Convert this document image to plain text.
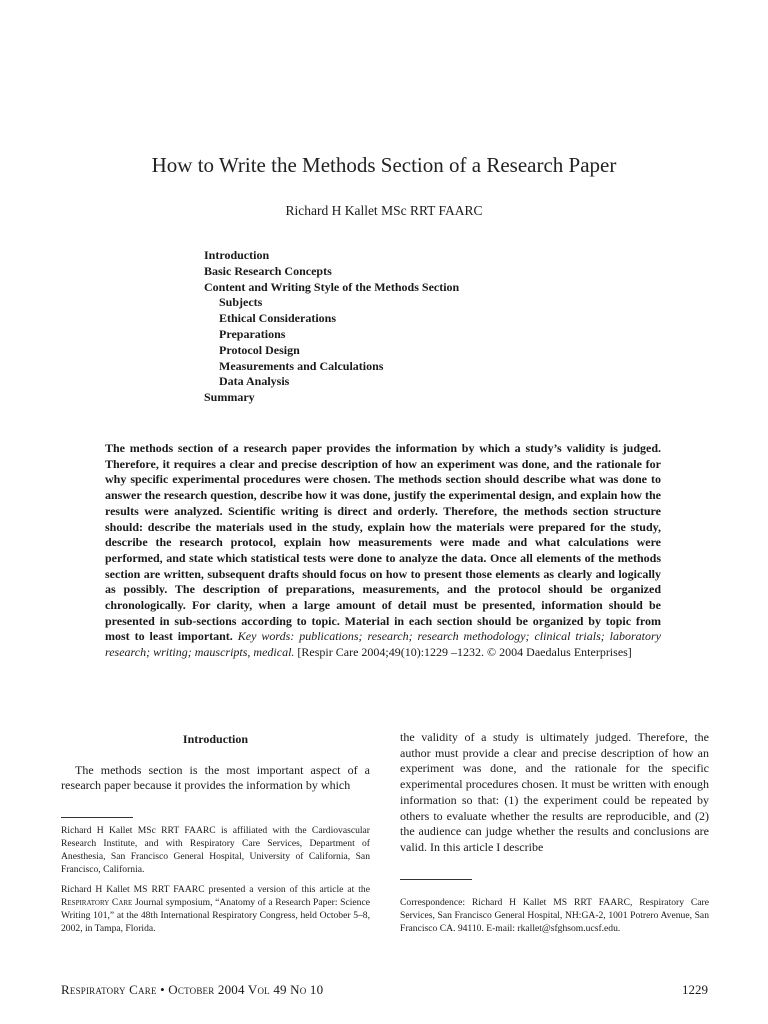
How to Write the Methods Section of a Research Paper
Richard H Kallet MSc RRT FAARC
Introduction
Basic Research Concepts
Content and Writing Style of the Methods Section
Subjects
Ethical Considerations
Preparations
Protocol Design
Measurements and Calculations
Data Analysis
Summary
The methods section of a research paper provides the information by which a study’s validity is judged. Therefore, it requires a clear and precise description of how an experiment was done, and the rationale for why specific experimental procedures were chosen. The methods section should describe what was done to answer the research question, describe how it was done, justify the experimental design, and explain how the results were analyzed. Scientific writing is direct and orderly. Therefore, the methods section structure should: describe the materials used in the study, explain how the materials were prepared for the study, describe the research protocol, explain how measurements were made and what calculations were performed, and state which statistical tests were done to analyze the data. Once all elements of the methods section are written, subsequent drafts should focus on how to present those elements as clearly and logically as possibly. The description of preparations, measurements, and the protocol should be organized chronologically. For clarity, when a large amount of detail must be presented, information should be presented in sub-sections according to topic. Material in each section should be organized by topic from most to least important. Key words: publications; research; research methodology; clinical trials; laboratory research; writing; mauscripts, medical. [Respir Care 2004;49(10):1229 –1232. © 2004 Daedalus Enterprises]
Introduction

The methods section is the most important aspect of a research paper because it provides the information by which

the validity of a study is ultimately judged. Therefore, the author must provide a clear and precise description of how an experiment was done, and the rationale for the specific experimental procedures chosen. It must be written with enough information so that: (1) the experiment could be repeated by others to evaluate whether the results are reproducible, and (2) the audience can judge whether the results and conclusions are valid. In this article I describe

Richard H Kallet MSc RRT FAARC is affiliated with the Cardiovascular Research Institute, and with Respiratory Care Services, Department of Anesthesia, San Francisco General Hospital, University of California, San Francisco, California.
Richard H Kallet MS RRT FAARC presented a version of this article at the Respiratory Care Journal symposium, “Anatomy of a Research Paper: Science Writing 101,” at the 48th International Respiratory Congress, held October 5–8, 2002, in Tampa, Florida.
Correspondence: Richard H Kallet MS RRT FAARC, Respiratory Care Services, San Francisco General Hospital, NH:GA-2, 1001 Potrero Avenue, San Francisco CA. 94110. E-mail: rkallet@sfghsom.ucsf.edu.
Respiratory Care • October 2004 Vol 49 No 10	1229
